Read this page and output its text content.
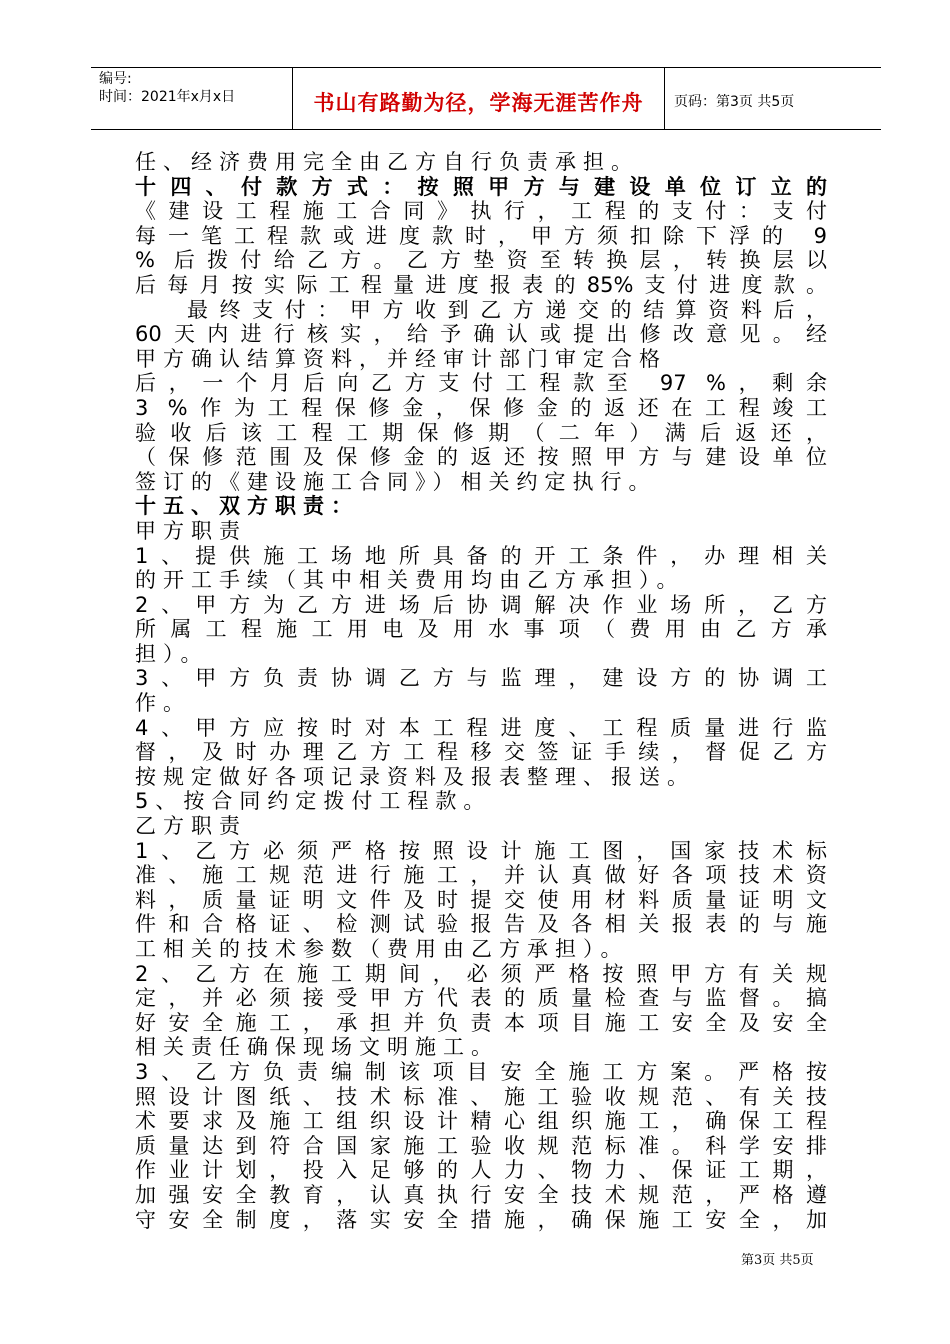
编号:
时间：2021年x月x日	书山有路勤为径，学海无涯苦作舟	页码：第3页 共5页
任、经济费用完全由乙方自行负责承担。
十四、付款方式：按照甲方与建设单位订立的
《建设工程施工合同》执行，工程的支付：支付
每一笔工程款或进度款时，甲方须扣除下浮的 9
% 后拨付给乙方。乙方垫资至转换层，转换层以
后每月按实际工程量进度报表的85%支付进度款。
最终支付：甲方收到乙方递交的结算资料后，
60天内进行核实，给予确认或提出修改意见。经
甲方确认结算资料，并经审计部门审定合格
后，一个月后向乙方支付工程款至 97 %，剩余
3 %作为工程保修金，保修金的返还在工程竣工
验收后该工程工期保修期（二年）满后返还，
（保修范围及保修金的返还按照甲方与建设单位
签订的《建设施工合同》）相关约定执行。
十五、双方职责：
甲方职责
1、提供施工场地所具备的开工条件，办理相关
的开工手续（其中相关费用均由乙方承担）。
2、甲方为乙方进场后协调解决作业场所，乙方
所属工程施工用电及用水事项（费用由乙方承
担）。
3、甲方负责协调乙方与监理，建设方的协调工
作。
4、甲方应按时对本工程进度、工程质量进行监
督，及时办理乙方工程移交签证手续，督促乙方
按规定做好各项记录资料及报表整理、报送。
5、按合同约定拨付工程款。
乙方职责
1、乙方必须严格按照设计施工图，国家技术标
准、施工规范进行施工，并认真做好各项技术资
料，质量证明文件及时提交使用材料质量证明文
件和合格证、检测试验报告及各相关报表的与施
工相关的技术参数（费用由乙方承担）。
2、乙方在施工期间，必须严格按照甲方有关规
定，并必须接受甲方代表的质量检查与监督。搞
好安全施工，承担并负责本项目施工安全及安全
相关责任确保现场文明施工。
3、乙方负责编制该项目安全施工方案。严格按
照设计图纸、技术标准、施工验收规范、有关技
术要求及施工组织设计精心组织施工，确保工程
质量达到符合国家施工验收规范标准。科学安排
作业计划，投入足够的人力、物力、保证工期，
加强安全教育，认真执行安全技术规范，严格遵
守安全制度，落实安全措施，确保施工安全，加
第3页 共5页
